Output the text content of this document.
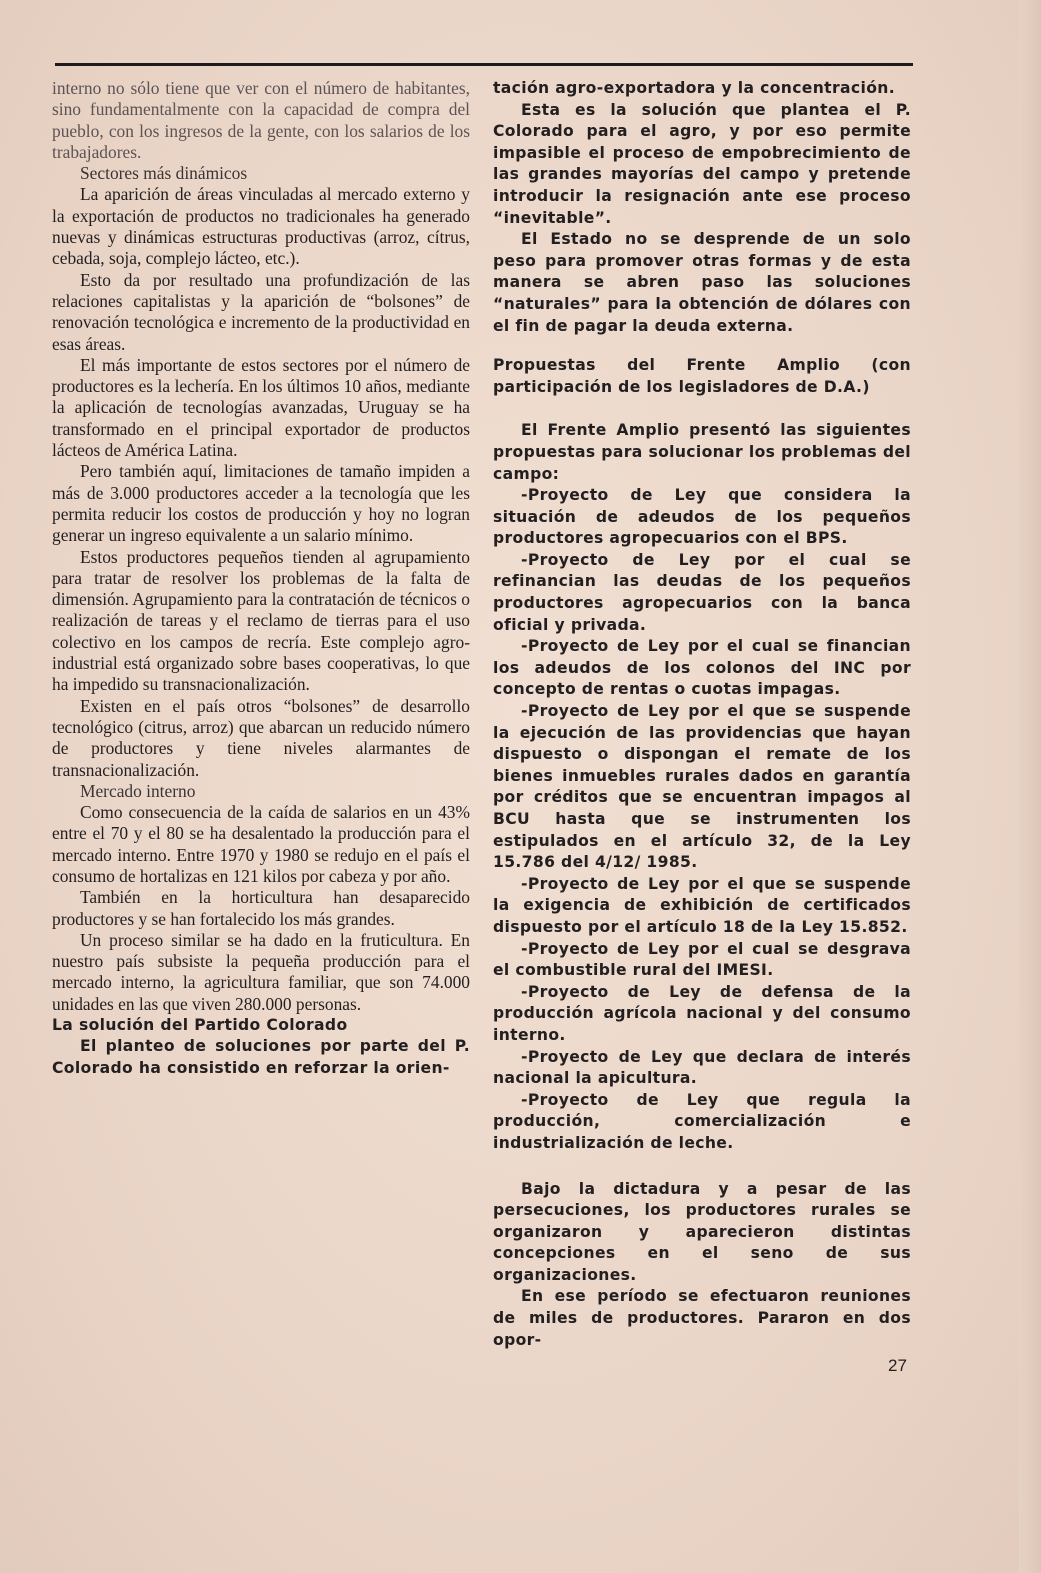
interno no sólo tiene que ver con el número de habitantes, sino fundamentalmente con la capacidad de compra del pueblo, con los ingresos de la gente, con los salarios de los trabajadores.

Sectores más dinámicos

La aparición de áreas vinculadas al mercado externo y la exportación de productos no tradicionales ha generado nuevas y dinámicas estructuras productivas (arroz, cítrus, cebada, soja, complejo lácteo, etc.).

Esto da por resultado una profundización de las relaciones capitalistas y la aparición de “bolsones” de renovación tecnológica e incremento de la productividad en esas áreas.

El más importante de estos sectores por el número de productores es la lechería. En los últimos 10 años, mediante la aplicación de tecnologías avanzadas, Uruguay se ha transformado en el principal exportador de productos lácteos de América Latina.

Pero también aquí, limitaciones de tamaño impiden a más de 3.000 productores acceder a la tecnología que les permita reducir los costos de producción y hoy no logran generar un ingreso equivalente a un salario mínimo.

Estos productores pequeños tienden al agrupamiento para tratar de resolver los problemas de la falta de dimensión. Agrupamiento para la contratación de técnicos o realización de tareas y el reclamo de tierras para el uso colectivo en los campos de recría. Este complejo agro-industrial está organizado sobre bases cooperativas, lo que ha impedido su transnacionalización.

Existen en el país otros “bolsones” de desarrollo tecnológico (citrus, arroz) que abarcan un reducido número de productores y tiene niveles alarmantes de transnacionalización.

Mercado interno

Como consecuencia de la caída de salarios en un 43% entre el 70 y el 80 se ha desalentado la producción para el mercado interno. Entre 1970 y 1980 se redujo en el país el consumo de hortalizas en 121 kilos por cabeza y por año.

También en la horticultura han desaparecido productores y se han fortalecido los más grandes.

Un proceso similar se ha dado en la fruticultura. En nuestro país subsiste la pequeña producción para el mercado interno, la agricultura familiar, que son 74.000 unidades en las que viven 280.000 personas.

La solución del Partido Colorado

El planteo de soluciones por parte del P. Colorado ha consistido en reforzar la orien-

tación agro-exportadora y la concentración.

Esta es la solución que plantea el P. Colorado para el agro, y por eso permite impasible el proceso de empobrecimiento de las grandes mayorías del campo y pretende introducir la resignación ante ese proceso “inevitable”.

El Estado no se desprende de un solo peso para promover otras formas y de esta manera se abren paso las soluciones “naturales” para la obtención de dólares con el fin de pagar la deuda externa.

Propuestas del Frente Amplio (con participación de los legisladores de D.A.)

El Frente Amplio presentó las siguientes propuestas para solucionar los problemas del campo:

-Proyecto de Ley que considera la situación de adeudos de los pequeños productores agropecuarios con el BPS.

-Proyecto de Ley por el cual se refinancian las deudas de los pequeños productores agropecuarios con la banca oficial y privada.

-Proyecto de Ley por el cual se financian los adeudos de los colonos del INC por concepto de rentas o cuotas impagas.

-Proyecto de Ley por el que se suspende la ejecución de las providencias que hayan dispuesto o dispongan el remate de los bienes inmuebles rurales dados en garantía por créditos que se encuentran impagos al BCU hasta que se instrumenten los estipulados en el artículo 32, de la Ley 15.786 del 4/12/ 1985.

-Proyecto de Ley por el que se suspende la exigencia de exhibición de certificados dispuesto por el artículo 18 de la Ley 15.852.

-Proyecto de Ley por el cual se desgrava el combustible rural del IMESI.

-Proyecto de Ley de defensa de la producción agrícola nacional y del consumo interno.

-Proyecto de Ley que declara de interés nacional la apicultura.

-Proyecto de Ley que regula la producción, comercialización e industrialización de leche.

Bajo la dictadura y a pesar de las persecuciones, los productores rurales se organizaron y aparecieron distintas concepciones en el seno de sus organizaciones.

En ese período se efectuaron reuniones de miles de productores. Pararon en dos opor-

27
